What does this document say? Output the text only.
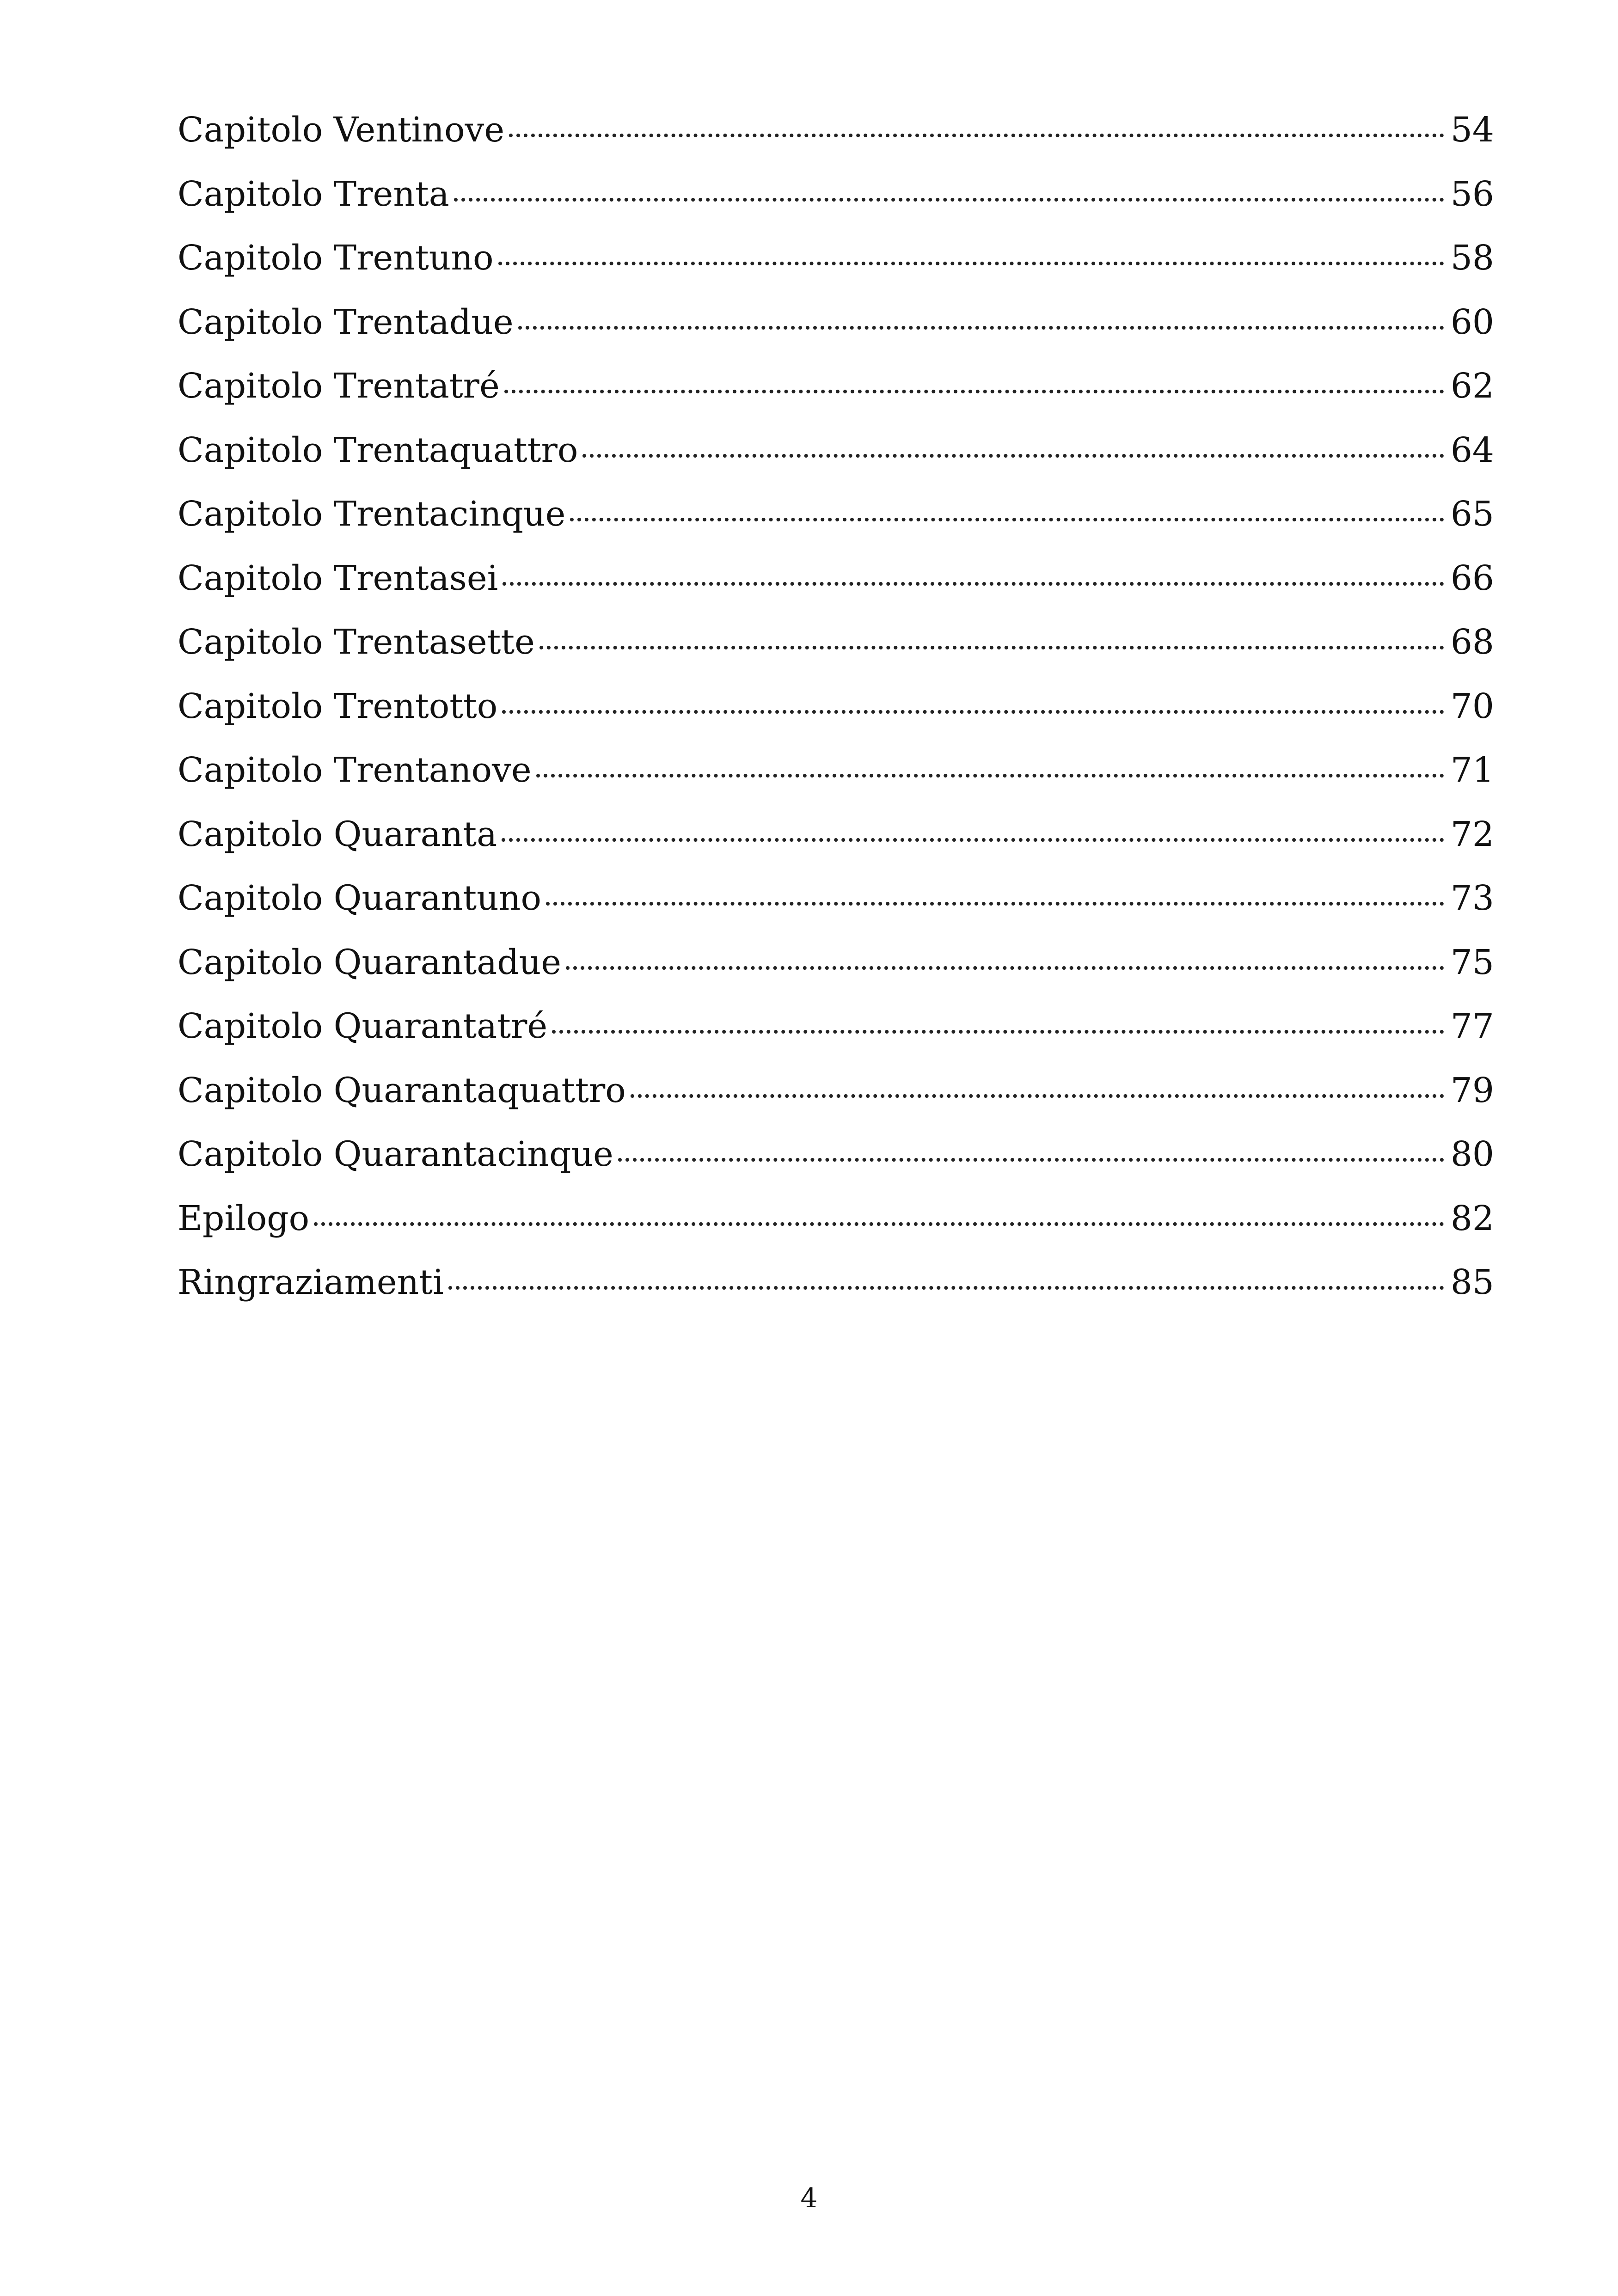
Capitolo Ventinove	54
Capitolo Trenta	56
Capitolo Trentuno	58
Capitolo Trentadue	60
Capitolo Trentatré	62
Capitolo Trentaquattro	64
Capitolo Trentacinque	65
Capitolo Trentasei	66
Capitolo Trentasette	68
Capitolo Trentotto	70
Capitolo Trentanove	71
Capitolo Quaranta	72
Capitolo Quarantuno	73
Capitolo Quarantadue	75
Capitolo Quarantatré	77
Capitolo Quarantaquattro	79
Capitolo Quarantacinque	80
Epilogo	82
Ringraziamenti	85
4
